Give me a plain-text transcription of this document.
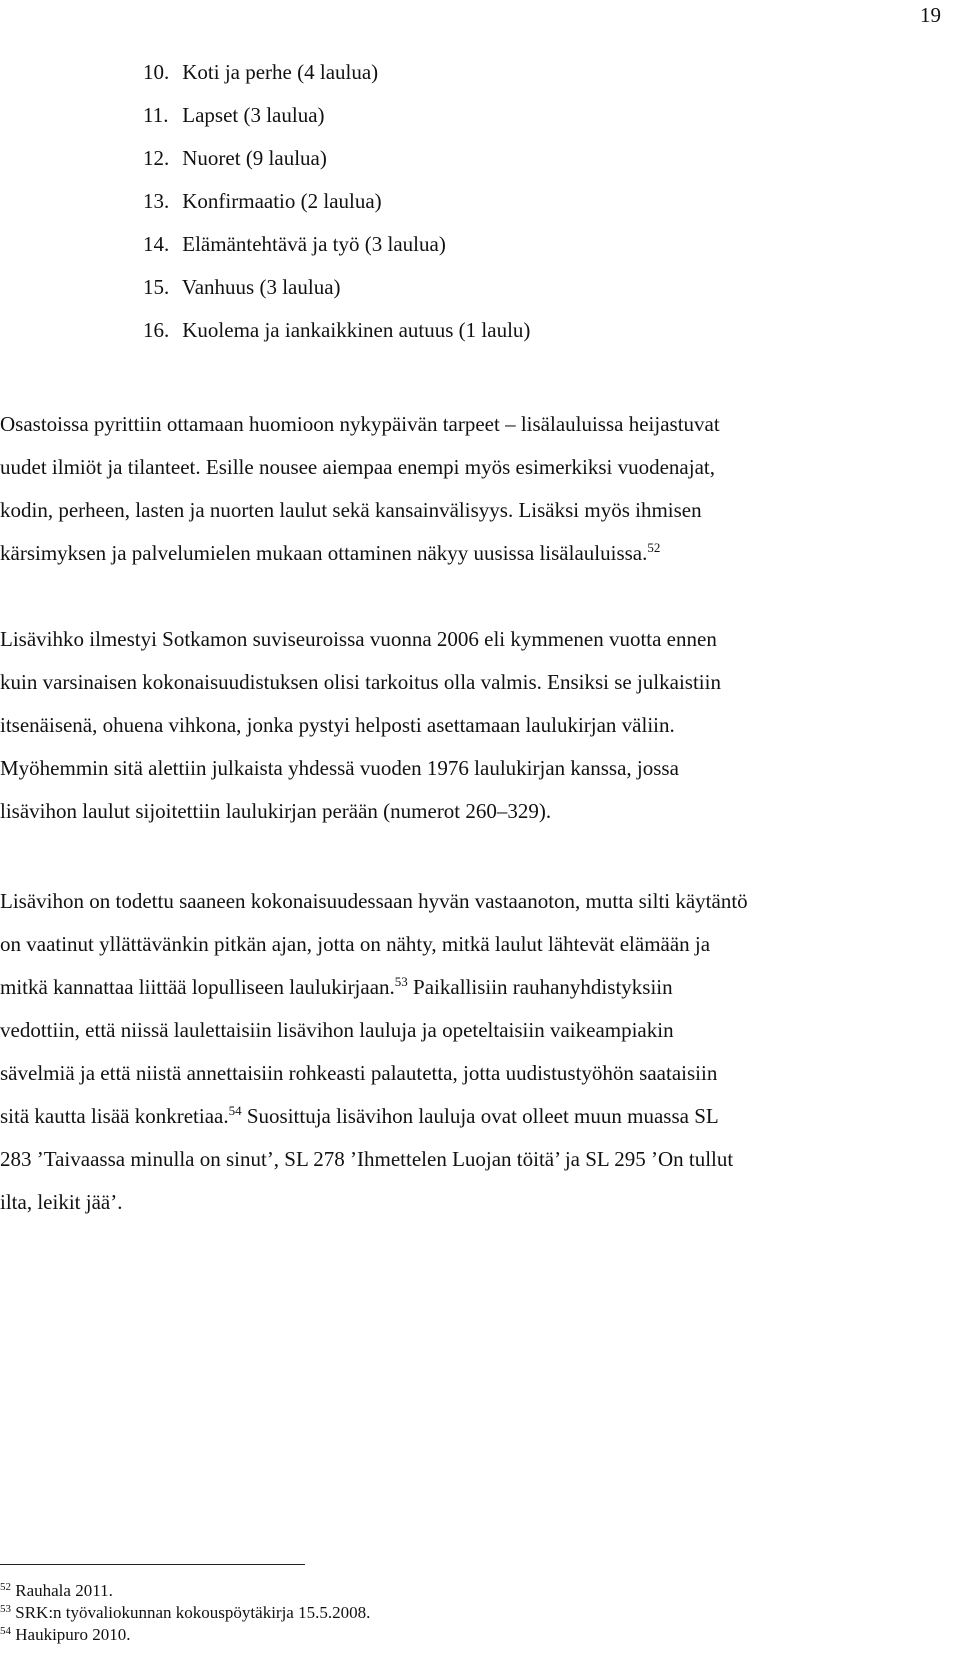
19
10. Koti ja perhe (4 laulua)
11. Lapset (3 laulua)
12. Nuoret (9 laulua)
13. Konfirmaatio (2 laulua)
14. Elämäntehtävä ja työ (3 laulua)
15. Vanhuus (3 laulua)
16. Kuolema ja iankaikkinen autuus (1 laulu)

Osastoissa pyrittiin ottamaan huomioon nykypäivän tarpeet – lisälauluissa heijastuvat
uudet ilmiöt ja tilanteet. Esille nousee aiempaa enempi myös esimerkiksi vuodenajat,
kodin, perheen, lasten ja nuorten laulut sekä kansainvälisyys. Lisäksi myös ihmisen
kärsimyksen ja palvelumielen mukaan ottaminen näkyy uusissa lisälauluissa.$^{52}$

Lisävihko ilmestyi Sotkamon suviseuroissa vuonna 2006 eli kymmenen vuotta ennen
kuin varsinaisen kokonaisuudistuksen olisi tarkoitus olla valmis. Ensiksi se julkaistiin
itsenäisenä, ohuena vihkona, jonka pystyi helposti asettamaan laulukirjan väliin.
Myöhemmin sitä alettiin julkaista yhdessä vuoden 1976 laulukirjan kanssa, jossa
lisävihon laulut sijoitettiin laulukirjan perään (numerot 260–329).

Lisävihon on todettu saaneen kokonaisuudessaan hyvän vastaanoton, mutta silti käytäntö
on vaatinut yllättävänkin pitkän ajan, jotta on nähty, mitkä laulut lähtevät elämään ja
mitkä kannattaa liittää lopulliseen laulukirjaan.$^{53}$ Paikallisiin rauhanyhdistyksiin
vedottiin, että niissä laulettaisiin lisävihon lauluja ja opeteltaisiin vaikeampiakin
sävelmiä ja että niistä annettaisiin rohkeasti palautetta, jotta uudistustyöhön saataisiin
sitä kautta lisää konkretiaa.$^{54}$ Suosittuja lisävihon lauluja ovat olleet muun muassa SL
283 ’Taivaassa minulla on sinut’, SL 278 ’Ihmettelen Luojan töitä’ ja SL 295 ’On tullut
ilta, leikit jää’.

$^{52}$ Rauhala 2011.

$^{53}$ SRK:n työvaliokunnan kokouspöytäkirja 15.5.2008.

$^{54}$ Haukipuro 2010.
